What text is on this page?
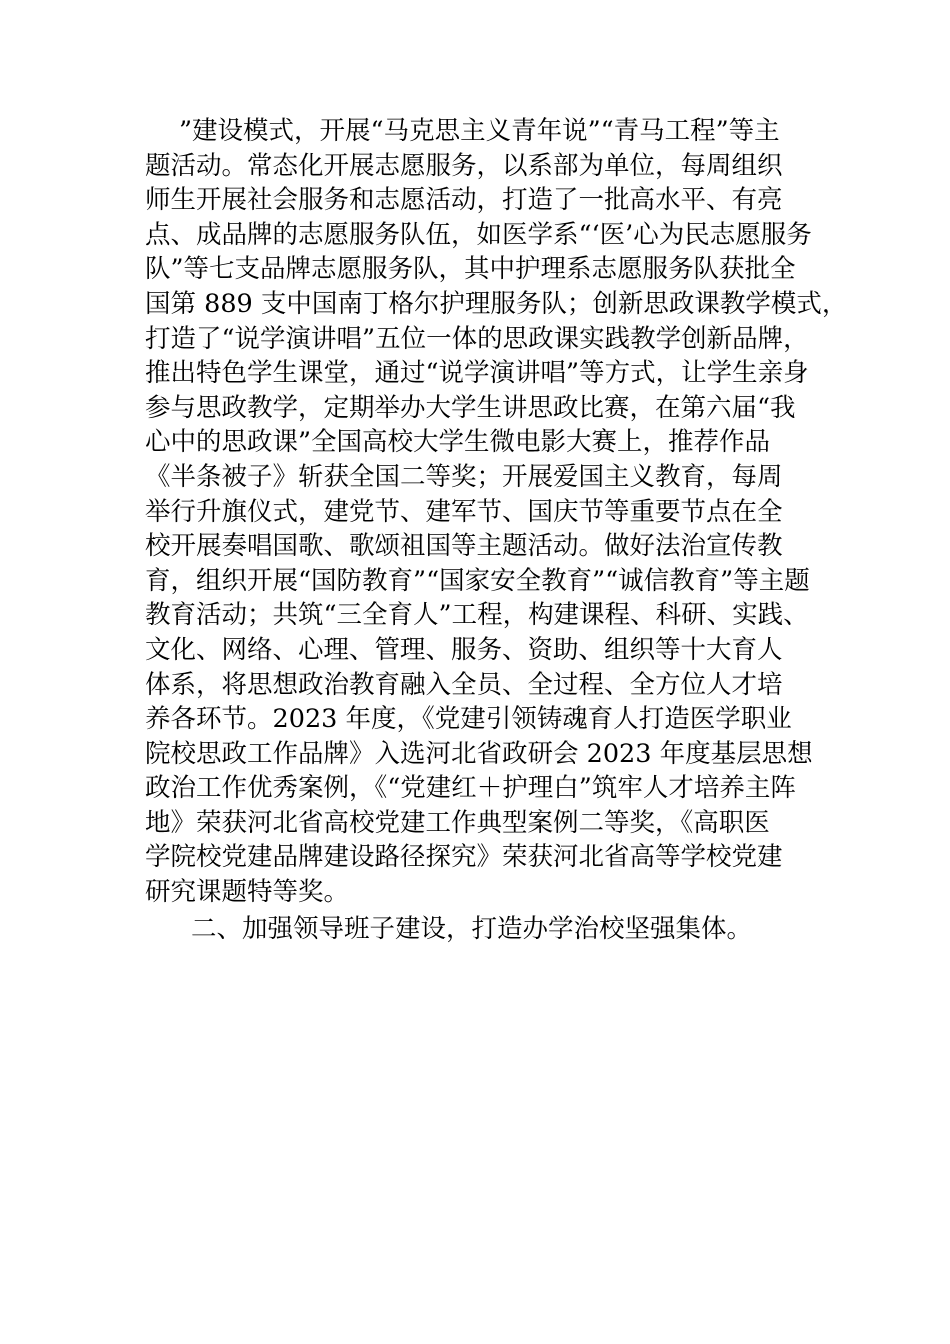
”建设模式，开展“马克思主义青年说”“青马工程”等主
题活动。常态化开展志愿服务，以系部为单位，每周组织
师生开展社会服务和志愿活动，打造了一批高水平、有亮
点、成品牌的志愿服务队伍，如医学系“‘医’心为民志愿服务
队”等七支品牌志愿服务队，其中护理系志愿服务队获批全
国第 889 支中国南丁格尔护理服务队；创新思政课教学模式，
打造了“说学演讲唱”五位一体的思政课实践教学创新品牌，
推出特色学生课堂，通过“说学演讲唱”等方式，让学生亲身
参与思政教学，定期举办大学生讲思政比赛，在第六届“我
心中的思政课”全国高校大学生微电影大赛上，推荐作品
《半条被子》斩获全国二等奖；开展爱国主义教育，每周
举行升旗仪式，建党节、建军节、国庆节等重要节点在全
校开展奏唱国歌、歌颂祖国等主题活动。做好法治宣传教
育，组织开展“国防教育”“国家安全教育”“诚信教育”等主题
教育活动；共筑“三全育人”工程，构建课程、科研、实践、
文化、网络、心理、管理、服务、资助、组织等十大育人
体系，将思想政治教育融入全员、全过程、全方位人才培
养各环节。2023 年度，《党建引领铸魂育人打造医学职业
院校思政工作品牌》入选河北省政研会 2023 年度基层思想
政治工作优秀案例，《“党建红＋护理白”筑牢人才培养主阵
地》荣获河北省高校党建工作典型案例二等奖，《高职医
学院校党建品牌建设路径探究》荣获河北省高等学校党建
研究课题特等奖。
二、加强领导班子建设，打造办学治校坚强集体。
